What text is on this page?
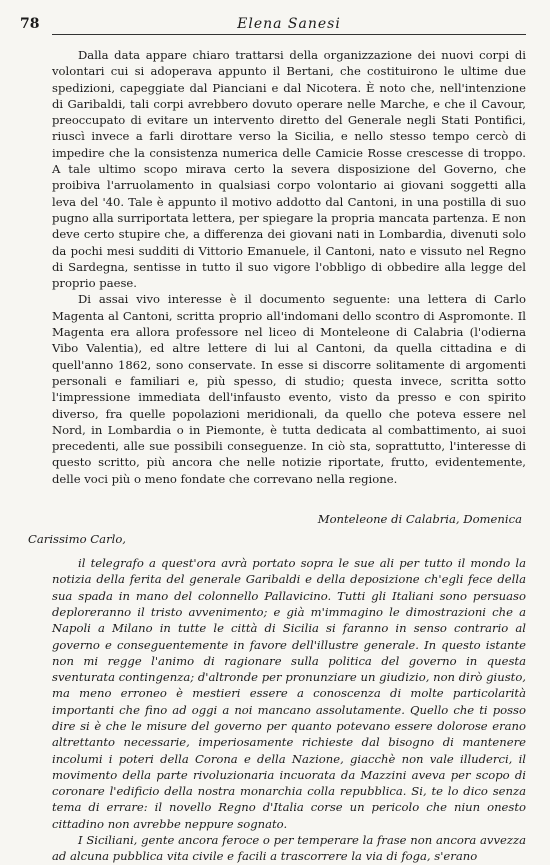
78	Elena Sanesi

Dalla data appare chiaro trattarsi della organizzazione dei nuovi corpi di volontari cui si adoperava appunto il Bertani, che costituirono le ultime due spedizioni, capeggiate dal Pianciani e dal Nicotera. È noto che, nell'intenzione di Garibaldi, tali corpi avrebbero dovuto operare nelle Marche, e che il Cavour, preoccupato di evitare un intervento diretto del Generale negli Stati Pontifici, riuscì invece a farli dirottare verso la Sicilia, e nello stesso tempo cercò di impedire che la consistenza numerica delle Camicie Rosse crescesse di troppo. A tale ultimo scopo mirava certo la severa disposizione del Governo, che proibiva l'arruolamento in qualsiasi corpo volontario ai giovani soggetti alla leva del '40. Tale è appunto il motivo addotto dal Cantoni, in una postilla di suo pugno alla surriportata lettera, per spiegare la propria mancata partenza. E non deve certo stupire che, a differenza dei giovani nati in Lombardia, divenuti solo da pochi mesi sudditi di Vittorio Emanuele, il Cantoni, nato e vissuto nel Regno di Sardegna, sentisse in tutto il suo vigore l'obbligo di obbedire alla legge del proprio paese.

Di assai vivo interesse è il documento seguente: una lettera di Carlo Magenta al Cantoni, scritta proprio all'indomani dello scontro di Aspromonte. Il Magenta era allora professore nel liceo di Monteleone di Calabria (l'odierna Vibo Valentia), ed altre lettere di lui al Cantoni, da quella cittadina e di quell'anno 1862, sono conservate. In esse si discorre solitamente di argomenti personali e familiari e, più spesso, di studio; questa invece, scritta sotto l'impressione immediata dell'infausto evento, visto da presso e con spirito diverso, fra quelle popolazioni meridionali, da quello che poteva essere nel Nord, in Lombardia o in Piemonte, è tutta dedicata al combattimento, ai suoi precedenti, alle sue possibili conseguenze. In ciò sta, soprattutto, l'interesse di questo scritto, più ancora che nelle notizie riportate, frutto, evidentemente, delle voci più o meno fondate che correvano nella regione.

Monteleone di Calabria, Domenica
Carissimo Carlo,

il telegrafo a quest'ora avrà portato sopra le sue ali per tutto il mondo la notizia della ferita del generale Garibaldi e della deposizione ch'egli fece della sua spada in mano del colonnello Pallavicino. Tutti gli Italiani sono persuaso deploreranno il tristo avvenimento; e già m'immagino le dimostrazioni che a Napoli a Milano in tutte le città di Sicilia si faranno in senso contrario al governo e conseguentemente in favore dell'illustre generale. In questo istante non mi regge l'animo di ragionare sulla politica del governo in questa sventurata contingenza; d'altronde per pronunziare un giudizio, non dirò giusto, ma meno erroneo è mestieri essere a conoscenza di molte particolarità importanti che fino ad oggi a noi mancano assolutamente. Quello che ti posso dire si è che le misure del governo per quanto potevano essere dolorose erano altrettanto necessarie, imperiosamente richieste dal bisogno di mantenere incolumi i poteri della Corona e della Nazione, giacchè non vale illuderci, il movimento della parte rivoluzionaria incuorata da Mazzini aveva per scopo di coronare l'edificio della nostra monarchia colla repubblica. Si, te lo dico senza tema di errare: il novello Regno d'Italia corse un pericolo che niun onesto cittadino non avrebbe neppure sognato.

I Siciliani, gente ancora feroce o per temperare la frase non ancora avvezza ad alcuna pubblica vita civile e facili a trascorrere la via di foga, s'erano
